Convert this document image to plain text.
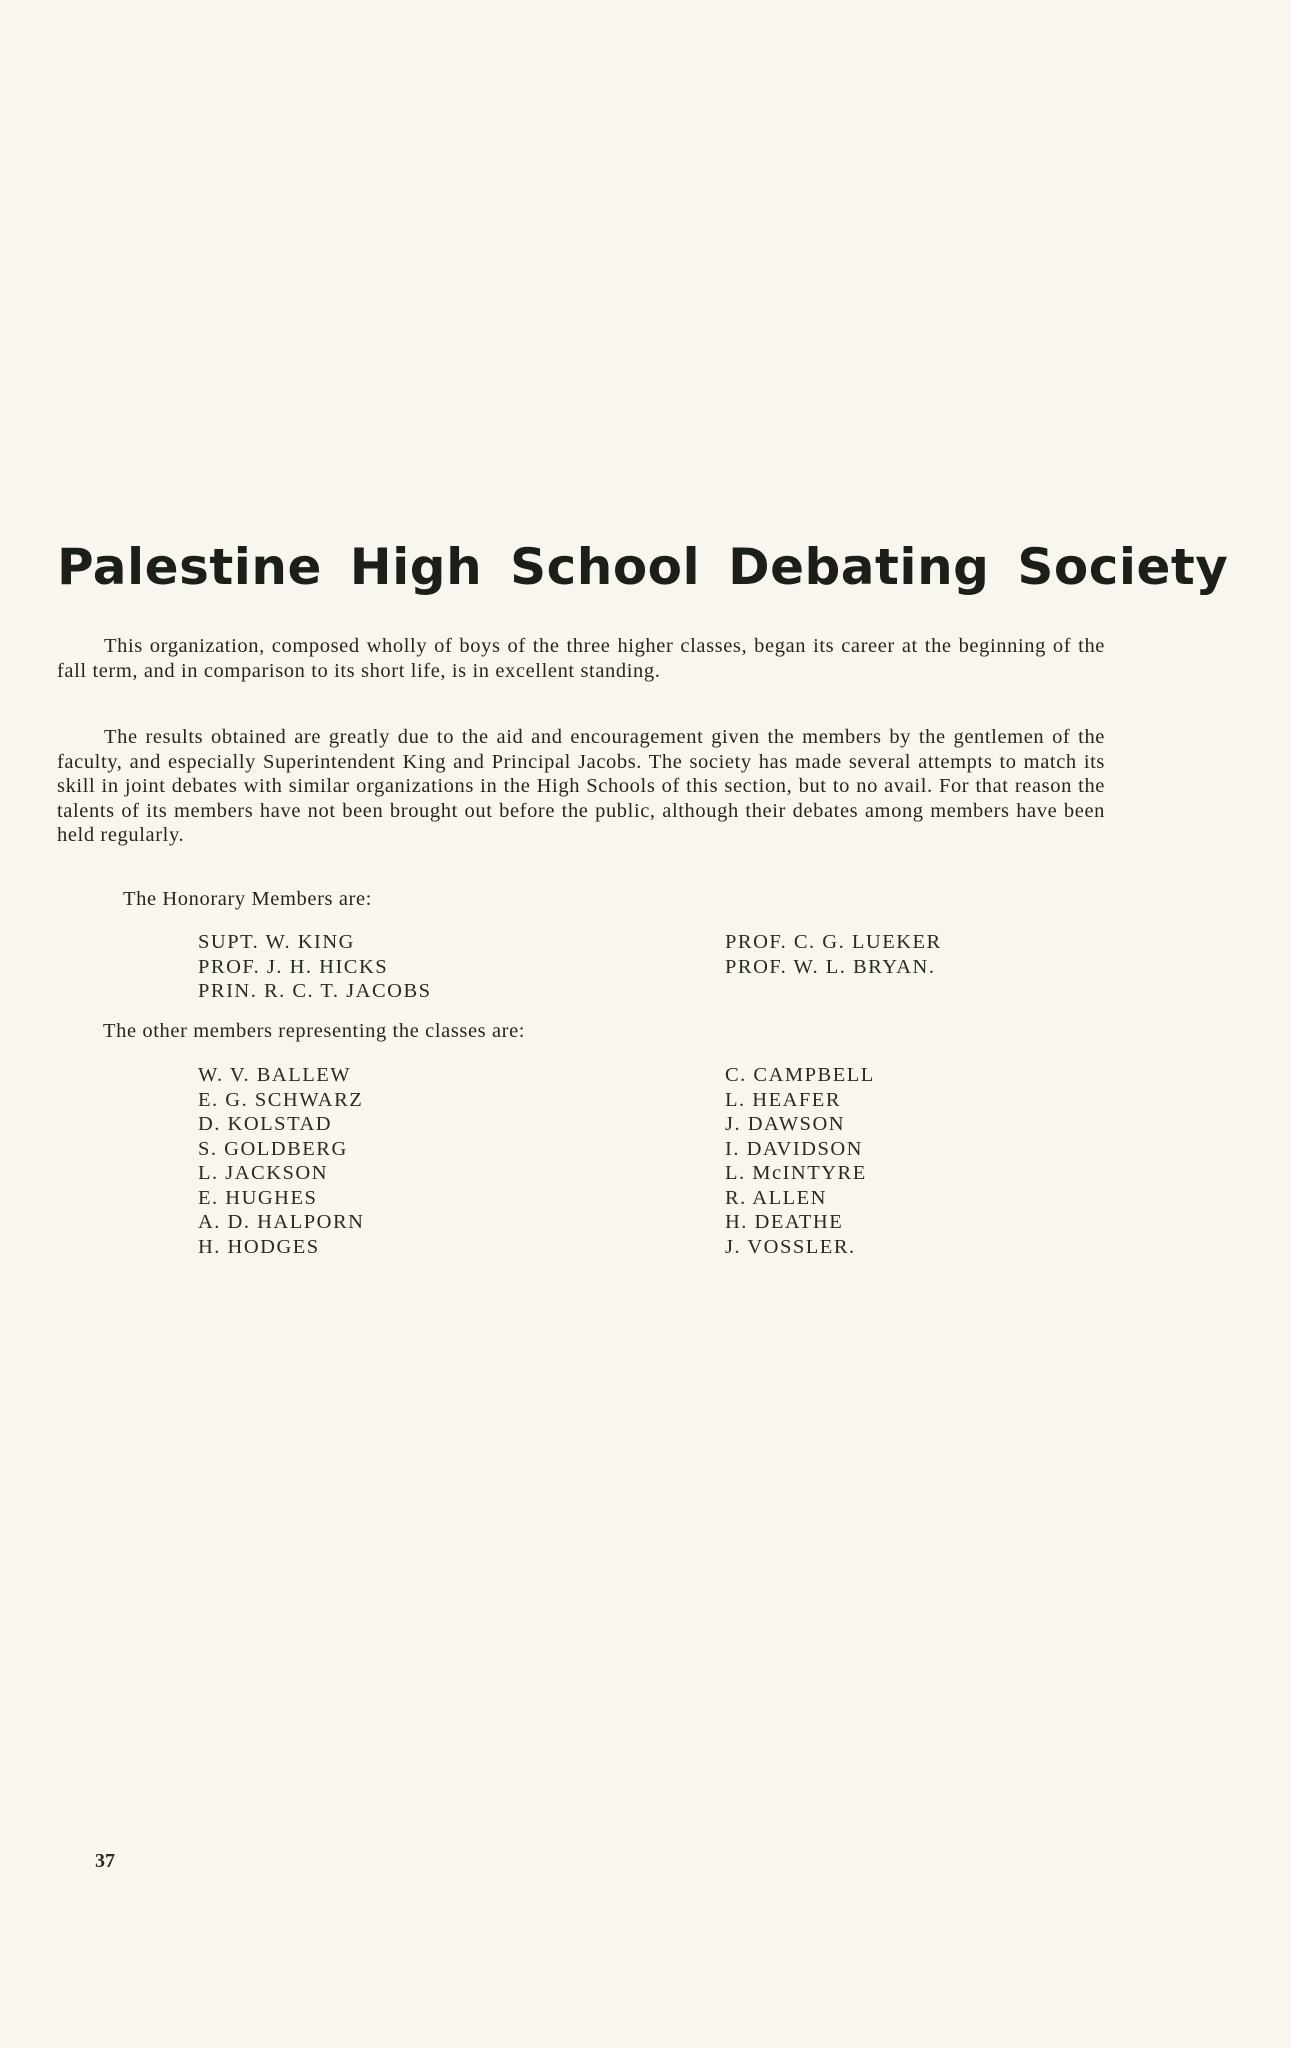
Palestine High School Debating Society

This organization, composed wholly of boys of the three higher classes, began its career at the beginning of the fall term, and in comparison to its short life, is in excellent standing.

The results obtained are greatly due to the aid and encouragement given the members by the gentlemen of the faculty, and especially Superintendent King and Principal Jacobs. The society has made several attempts to match its skill in joint debates with similar organizations in the High Schools of this section, but to no avail. For that reason the talents of its members have not been brought out before the public, although their debates among members have been held regularly.

The Honorary Members are:

SUPT. W. KING
PROF. J. H. HICKS
PRIN. R. C. T. JACOBS
PROF. C. G. LUEKER
PROF. W. L. BRYAN.

The other members representing the classes are:

W. V. BALLEW
E. G. SCHWARZ
D. KOLSTAD
S. GOLDBERG
L. JACKSON
E. HUGHES
A. D. HALPORN
H. HODGES
C. CAMPBELL
L. HEAFER
J. DAWSON
I. DAVIDSON
L. McINTYRE
R. ALLEN
H. DEATHE
J. VOSSLER.
37
